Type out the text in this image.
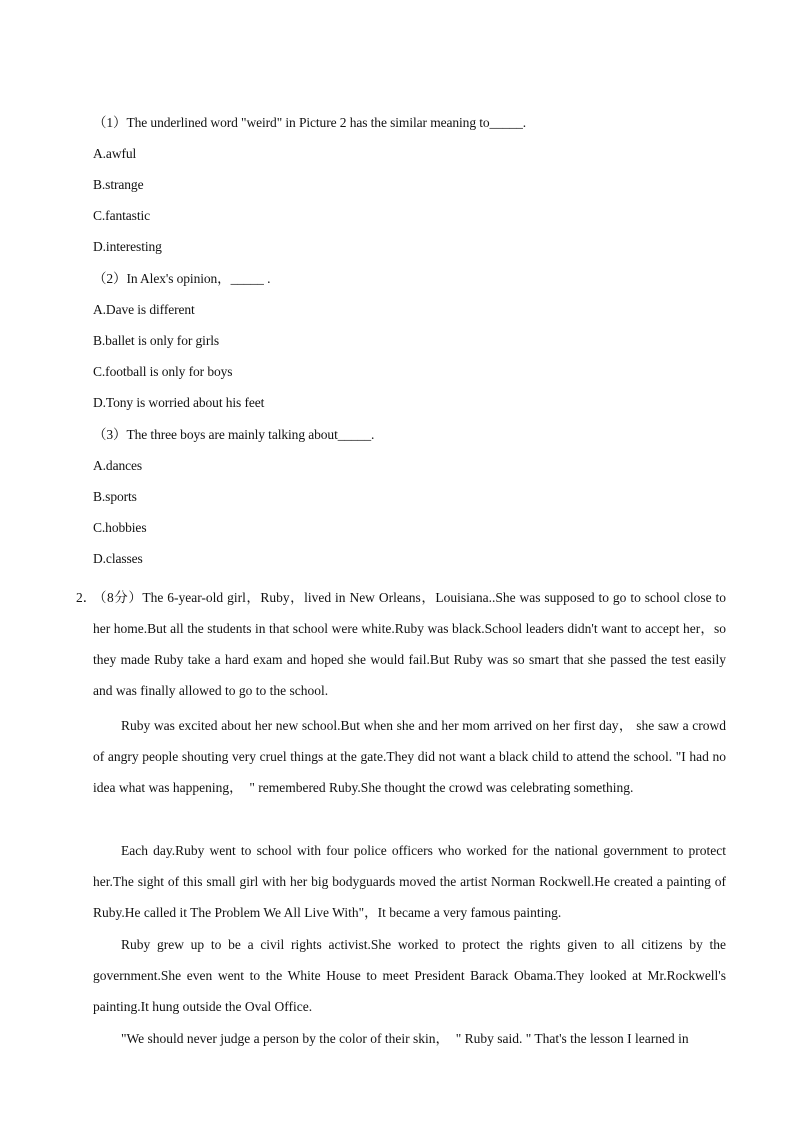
（1）The underlined word "weird" in Picture 2 has the similar meaning to_____.
A.awful
B.strange
C.fantastic
D.interesting
（2）In Alex's opinion，_____ .
A.Dave is different
B.ballet is only for girls
C.football is only for boys
D.Tony is worried about his feet
（3）The three boys are mainly talking about_____.
A.dances
B.sports
C.hobbies
D.classes
2．
（8分）The 6-year-old girl，Ruby，lived in New Orleans，Louisiana..She was supposed to go to school close to her home.But all the students in that school were white.Ruby was black.School leaders didn't want to accept her，so they made Ruby take a hard exam and hoped she would fail.But Ruby was so smart that she passed the test easily and was finally allowed to go to the school.
Ruby was excited about her new school.But when she and her mom arrived on her first day， she saw a crowd of angry people shouting very cruel things at the gate.They did not want a black child to attend the school. "I had no idea what was happening，　" remembered Ruby.She thought the crowd was celebrating something.
Each day.Ruby went to school with four police officers who worked for the national government to protect her.The sight of this small girl with her big bodyguards moved the artist Norman Rockwell.He created a painting of Ruby.He called it The Problem We All Live With"，It became a very famous painting.
Ruby grew up to be a civil rights activist.She worked to protect the rights given to all citizens by the government.She even went to the White House to meet President Barack Obama.They looked at Mr.Rockwell's painting.It hung outside the Oval Office.
"We should never judge a person by the color of their skin，　" Ruby said. " That's the lesson I learned in
